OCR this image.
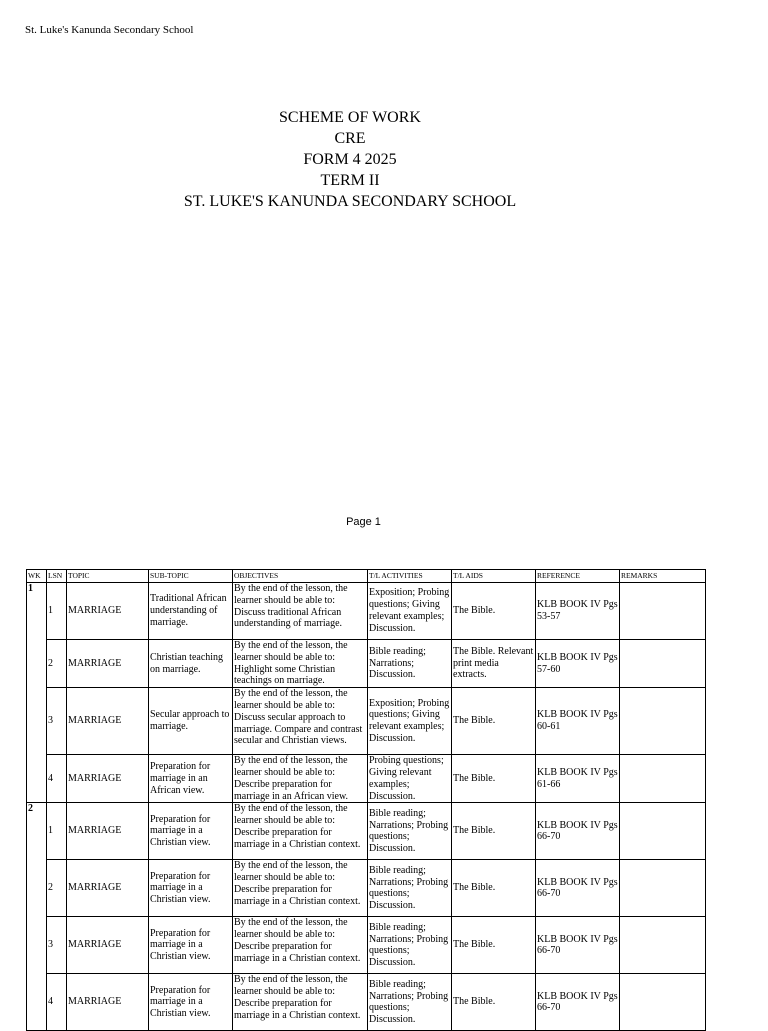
St. Luke's Kanunda Secondary School
SCHEME OF WORK
CRE
FORM 4 2025
TERM II
ST. LUKE'S KANUNDA SECONDARY SCHOOL
Page 1
WK	LSN	TOPIC	SUB-TOPIC	OBJECTIVES	T/L ACTIVITIES	T/L AIDS	REFERENCE	REMARKS
1	1	MARRIAGE	Traditional African understanding of marriage.	By the end of the lesson, the learner should be able to: Discuss traditional African understanding of marriage.	Exposition; Probing questions; Giving relevant examples; Discussion.	The Bible.	KLB BOOK IV Pgs 53-57	
	2	MARRIAGE	Christian teaching on marriage.	By the end of the lesson, the learner should be able to: Highlight some Christian teachings on marriage.	Bible reading; Narrations; Discussion.	The Bible. Relevant print media extracts.	KLB BOOK IV Pgs 57-60	
	3	MARRIAGE	Secular approach to marriage.	By the end of the lesson, the learner should be able to: Discuss secular approach to marriage. Compare and contrast secular and Christian views.	Exposition; Probing questions; Giving relevant examples; Discussion.	The Bible.	KLB BOOK IV Pgs 60-61	
	4	MARRIAGE	Preparation for marriage in an African view.	By the end of the lesson, the learner should be able to: Describe preparation for marriage in an African view.	Probing questions; Giving relevant examples; Discussion.	The Bible.	KLB BOOK IV Pgs 61-66	
2	1	MARRIAGE	Preparation for marriage in a Christian view.	By the end of the lesson, the learner should be able to: Describe preparation for marriage in a Christian context.	Bible reading; Narrations; Probing questions; Discussion.	The Bible.	KLB BOOK IV Pgs 66-70	
	2	MARRIAGE	Preparation for marriage in a Christian view.	By the end of the lesson, the learner should be able to: Describe preparation for marriage in a Christian context.	Bible reading; Narrations; Probing questions; Discussion.	The Bible.	KLB BOOK IV Pgs 66-70	
	3	MARRIAGE	Preparation for marriage in a Christian view.	By the end of the lesson, the learner should be able to: Describe preparation for marriage in a Christian context.	Bible reading; Narrations; Probing questions; Discussion.	The Bible.	KLB BOOK IV Pgs 66-70	
	4	MARRIAGE	Preparation for marriage in a Christian view.	By the end of the lesson, the learner should be able to: Describe preparation for marriage in a Christian context.	Bible reading; Narrations; Probing questions; Discussion.	The Bible.	KLB BOOK IV Pgs 66-70	
